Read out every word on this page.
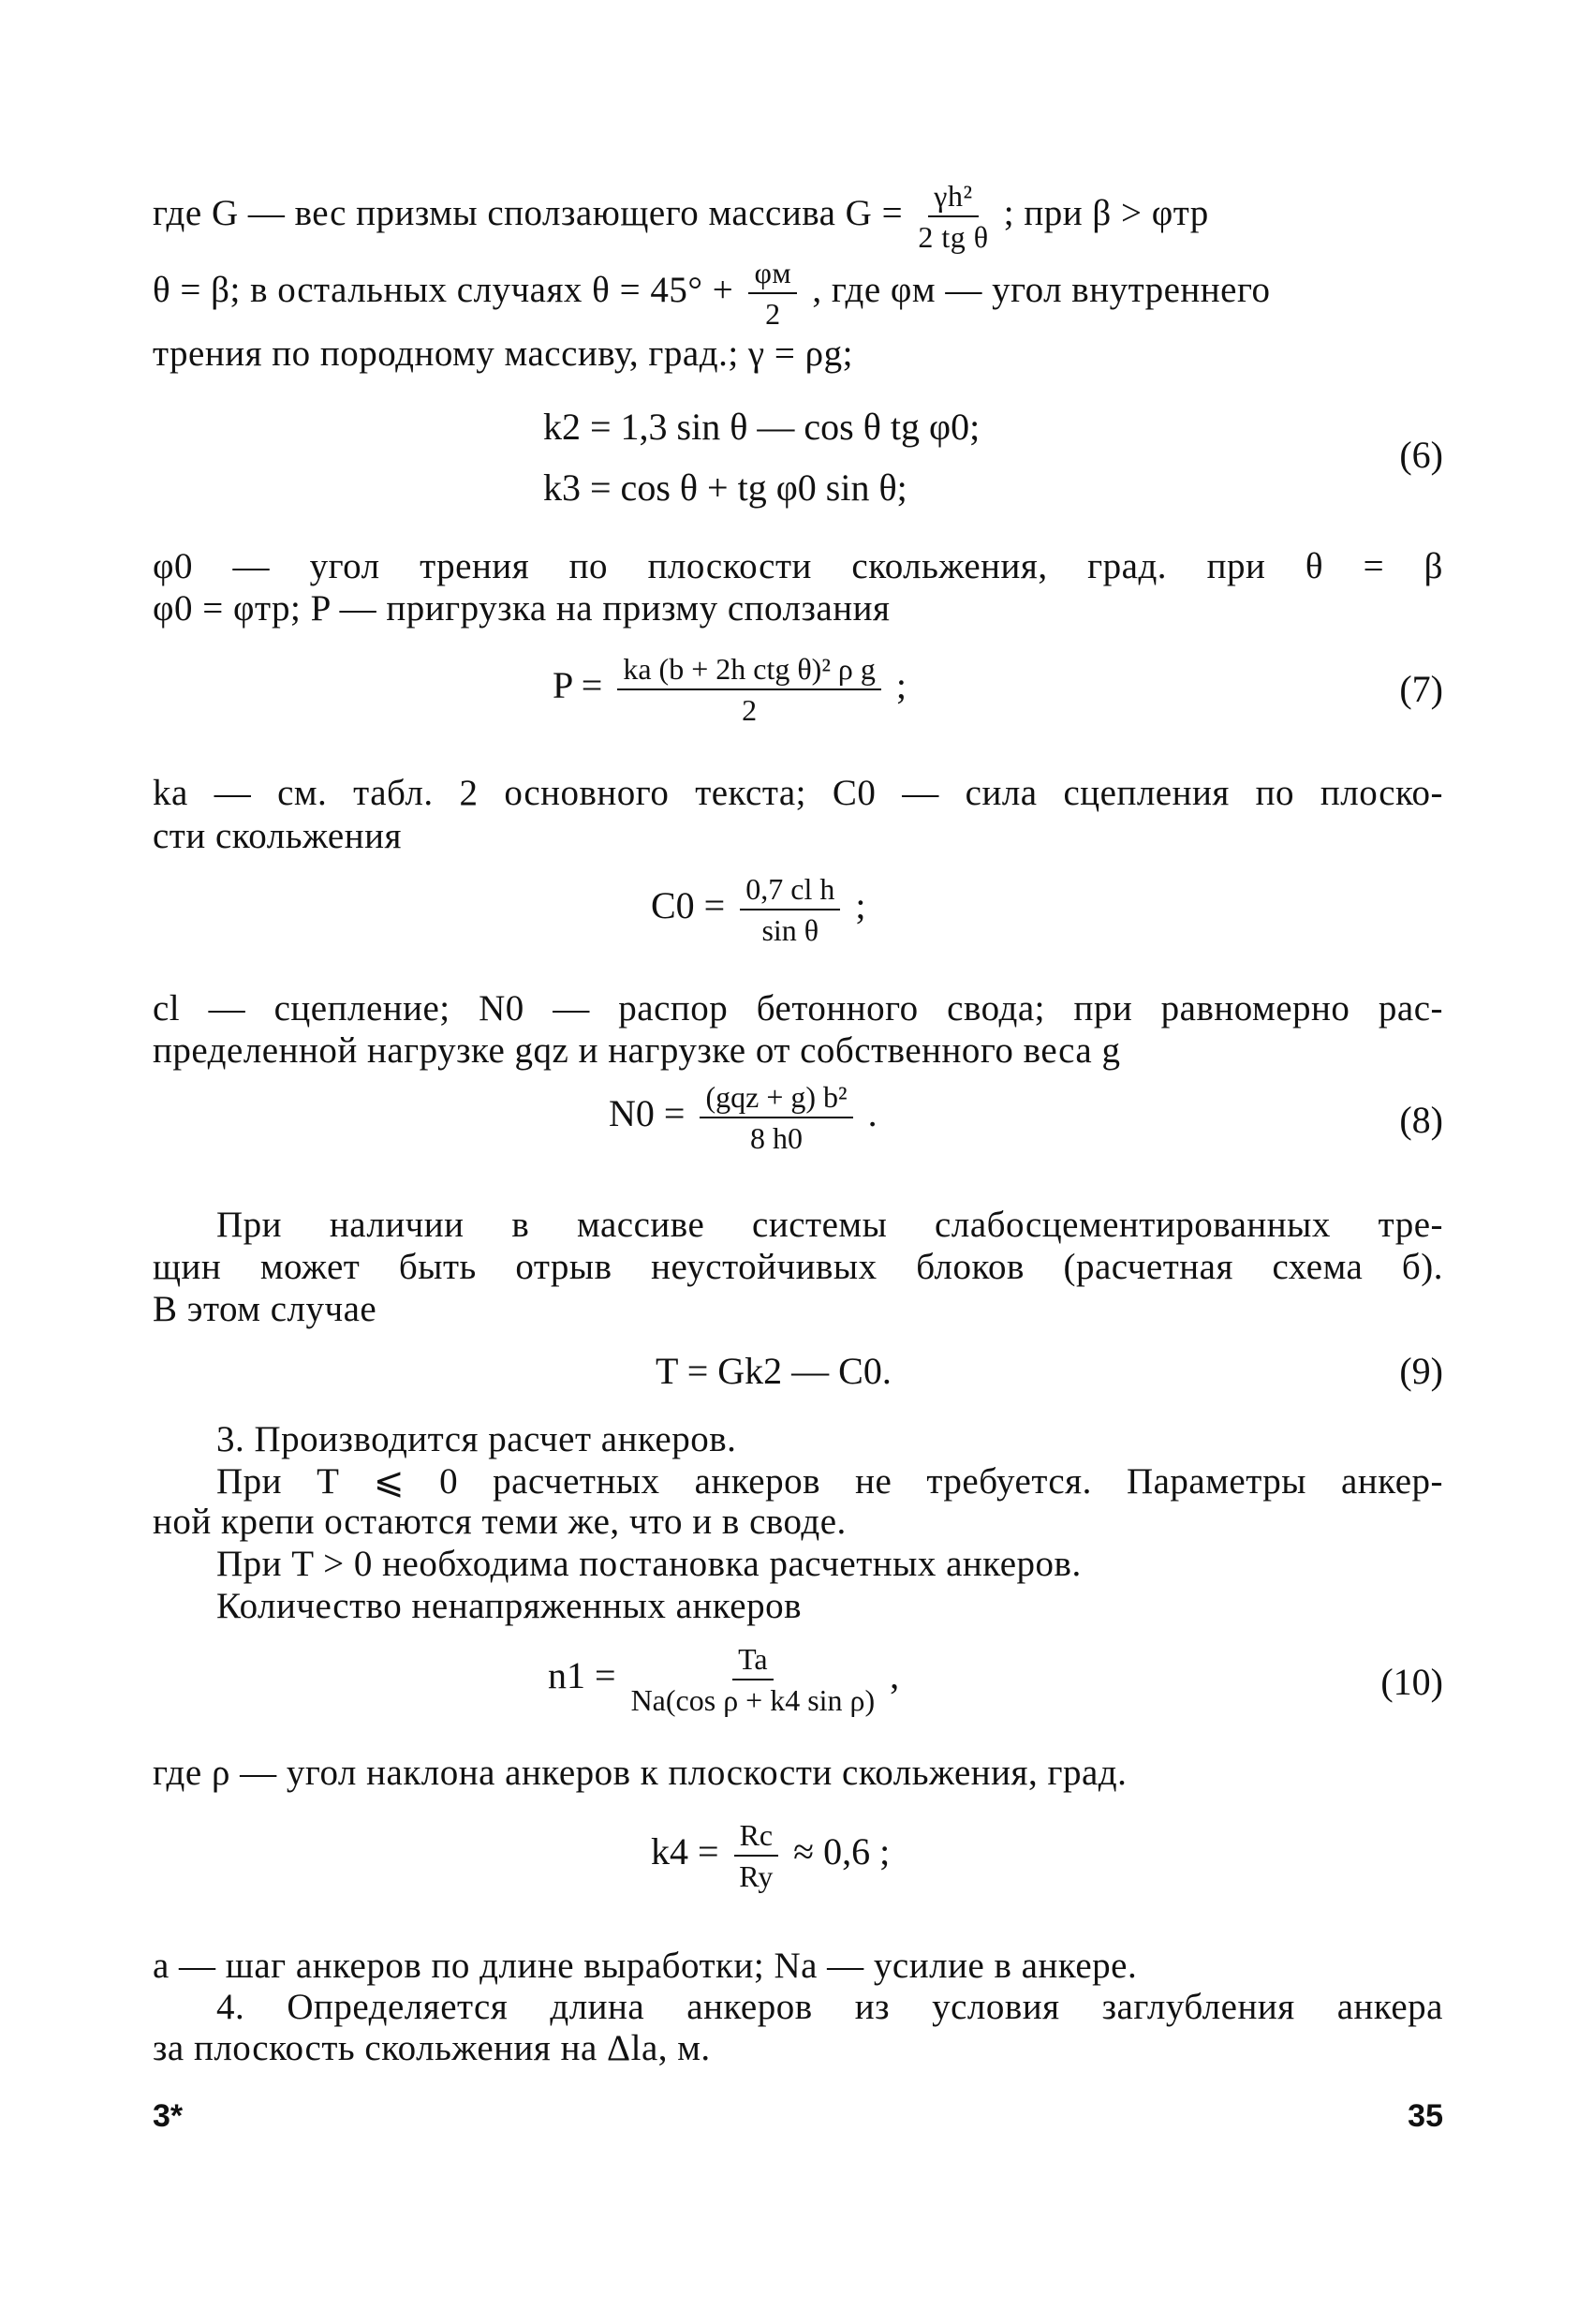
где G — вес призмы сползающего массива $G = \frac{\text{γh²}}{\text{2 tg θ}}$ ; при β > φтр
θ = β; в остальных случаях $\theta = 45^\circ + \frac{\varphi м}{2}$ , где φм — угол внутреннего
трения по породному массиву, град.; γ = ρg;
k2 = 1,3 sin θ — cos θ tg φ0;
k3 = cos θ + tg φ0 sin θ;
(6)
φ0 — угол трения по плоскости скольжения, град. при θ = β
φ0 = φтр; P — пригрузка на призму сползания
$P = \frac{\text{ka (b + 2h ctg θ)² ρ g}}{2}$ ;	(7)
ka — см. табл. 2 основного текста; C0 — сила сцепления по плоско-
сти скольжения
$C0 = \frac{\text{0,7 cl h}}{\text{sin θ}}$ ;
cl — сцепление; N0 — распор бетонного свода; при равномерно рас-
пределенной нагрузке gqz и нагрузке от собственного веса g
$N0 = \frac{\text{(gqz + g) b²}}{8 h0}$ .	(8)
При наличии в массиве системы слабосцементированных тре-
щин может быть отрыв неустойчивых блоков (расчетная схема б).
В этом случае
T = Gk2 — C0.	(9)
3. Производится расчет анкеров.
При T ⩽ 0 расчетных анкеров не требуется. Параметры анкер-
ной крепи остаются теми же, что и в своде.
При T > 0 необходима постановка расчетных анкеров.
Количество ненапряженных анкеров
$n1 = \frac{Ta}{\text{Na(cos ρ + k4 sin ρ)}}$ ,	(10)
где ρ — угол наклона анкеров к плоскости скольжения, град.
$k4 = \frac{Rc}{Ry} \approx 0,6$ ;
a — шаг анкеров по длине выработки; Na — усилие в анкере.
4. Определяется длина анкеров из условия заглубления анкера
за плоскость скольжения на Δla, м.
3*	35
